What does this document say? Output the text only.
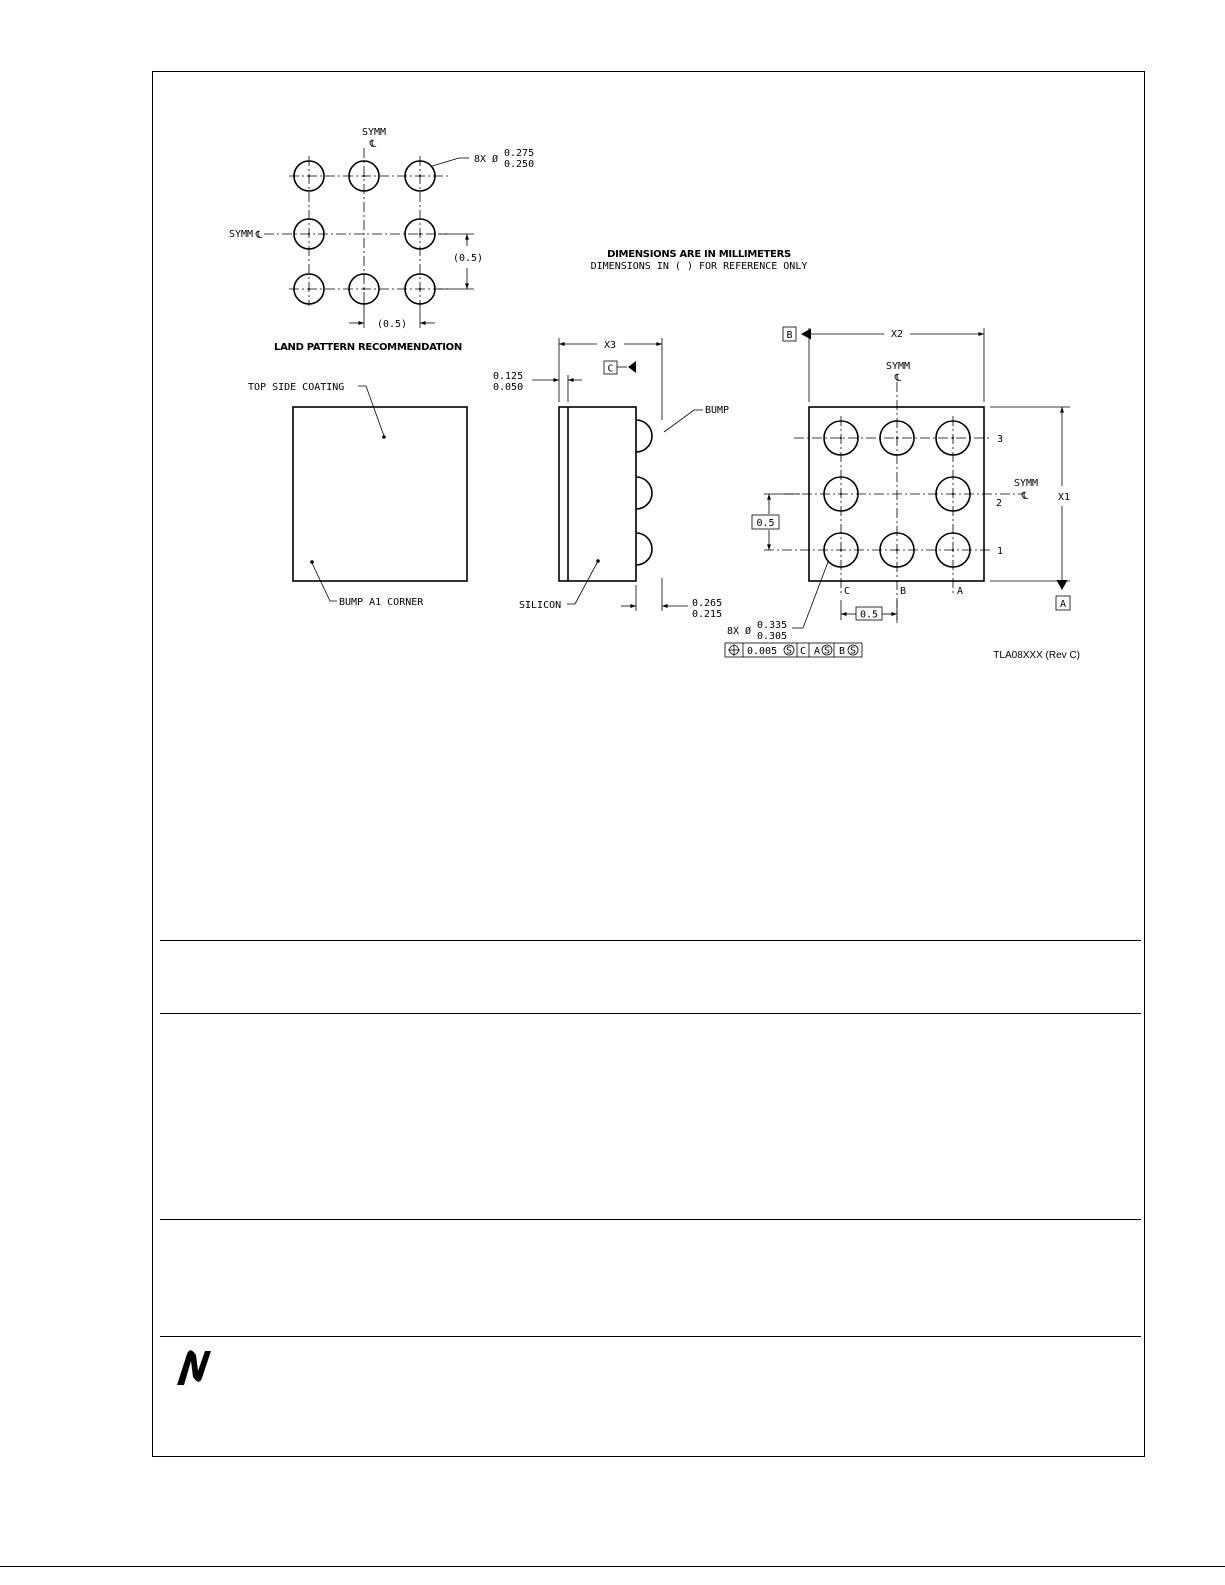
DIMENSIONS ARE IN MILLIMETERS
DIMENSIONS IN ( ) FOR REFERENCE ONLY
SYMM
℄
SYMM ℄
8X Ø
0.275
0.250
(0.5)
(0.5)
LAND PATTERN RECOMMENDATION
TOP SIDE COATING
BUMP A1 CORNER
X3
C
0.125
0.050
BUMP
SILICON	0.265
0.215
B	X2
SYMM
℄
SYMM
℄
3
2
1
C	B	A
0.5
0.5
X1
A
8X Ø
0.335
0.305
0.005 S C A S B S	TLA08XXX (Rev C)
